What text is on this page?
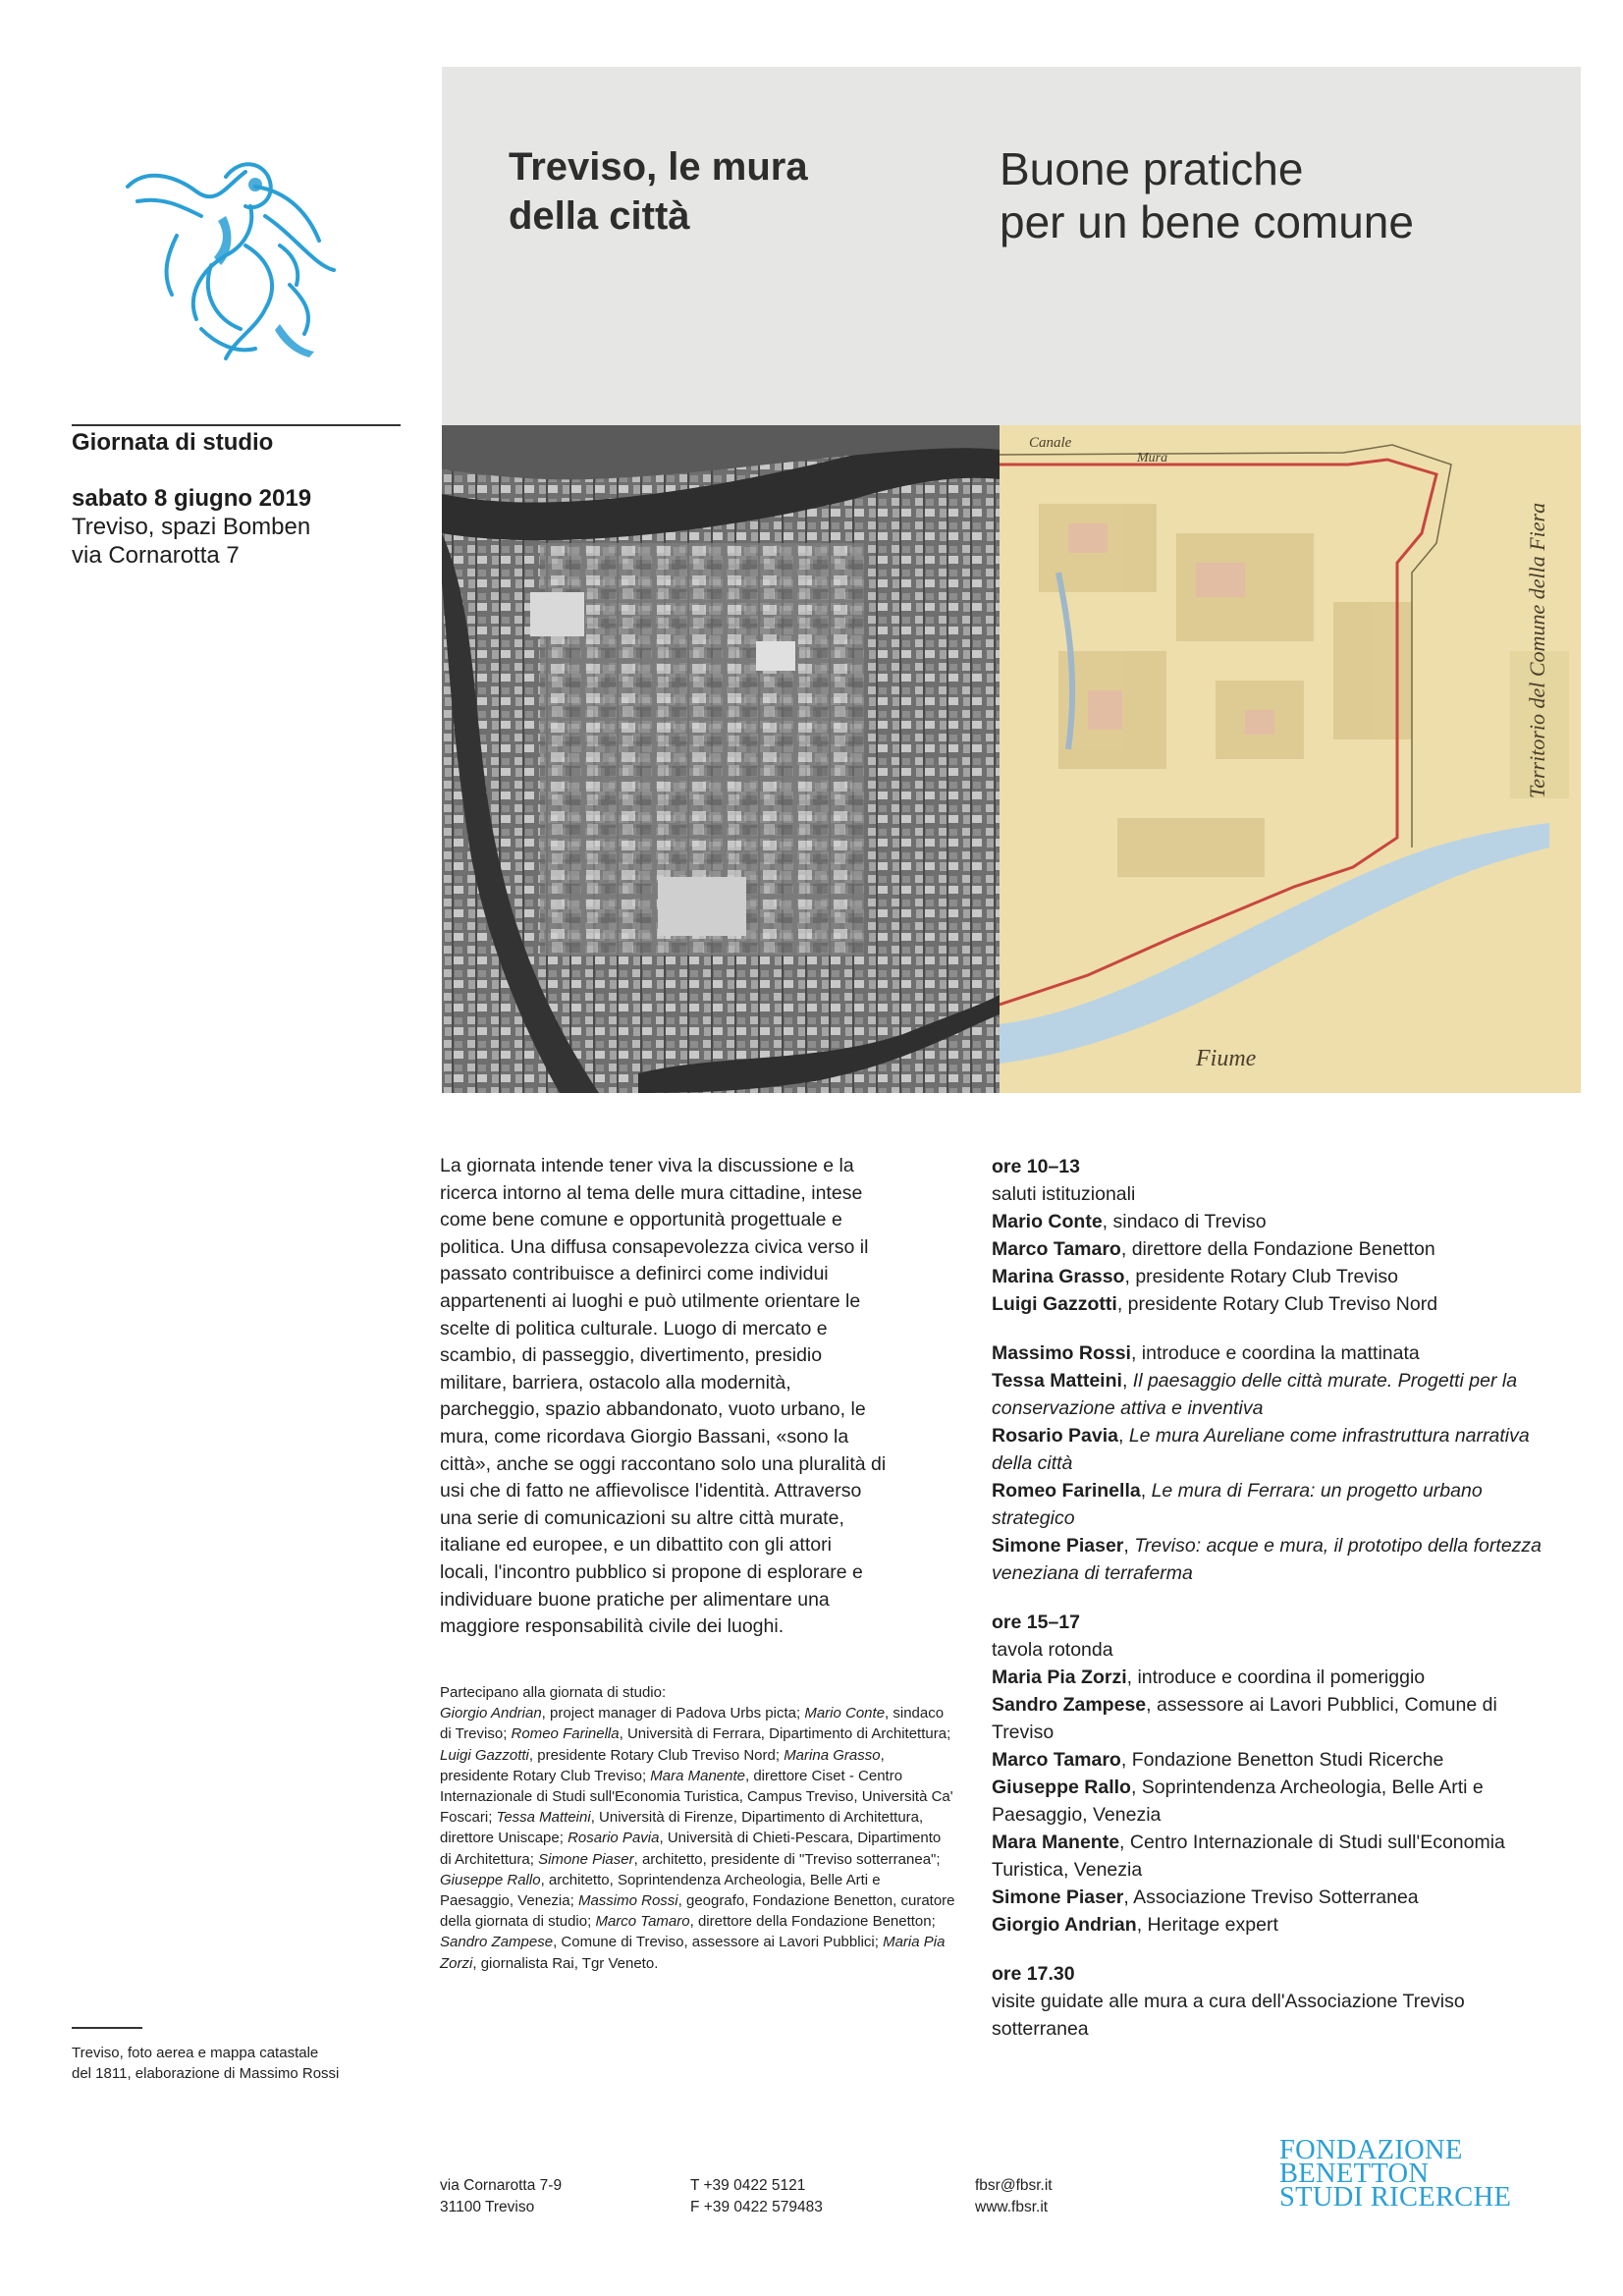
Treviso, le mura
della città
Buone pratiche
per un bene comune
Giornata di studio
sabato 8 giugno 2019
Treviso, spazi Bomben
via Cornarotta 7
Canale
Mura
Fiume
Territorio del Comune della Fiera
La giornata intende tener viva la discussione e la
ricerca intorno al tema delle mura cittadine, intese
come bene comune e opportunità progettuale e
politica. Una diffusa consapevolezza civica verso il
passato contribuisce a definirci come individui
appartenenti ai luoghi e può utilmente orientare le
scelte di politica culturale. Luogo di mercato e
scambio, di passeggio, divertimento, presidio
militare, barriera, ostacolo alla modernità,
parcheggio, spazio abbandonato, vuoto urbano, le
mura, come ricordava Giorgio Bassani, «sono la
città», anche se oggi raccontano solo una pluralità di
usi che di fatto ne affievolisce l'identità. Attraverso
una serie di comunicazioni su altre città murate,
italiane ed europee, e un dibattito con gli attori
locali, l'incontro pubblico si propone di esplorare e
individuare buone pratiche per alimentare una
maggiore responsabilità civile dei luoghi.
Partecipano alla giornata di studio:
Giorgio Andrian, project manager di Padova Urbs picta; Mario Conte, sindaco di Treviso; Romeo Farinella, Università di Ferrara, Dipartimento di Architettura; Luigi Gazzotti, presidente Rotary Club Treviso Nord; Marina Grasso, presidente Rotary Club Treviso; Mara Manente, direttore Ciset - Centro Internazionale di Studi sull'Economia Turistica, Campus Treviso, Università Ca' Foscari; Tessa Matteini, Università di Firenze, Dipartimento di Architettura, direttore Uniscape; Rosario Pavia, Università di Chieti-Pescara, Dipartimento di Architettura; Simone Piaser, architetto, presidente di "Treviso sotterranea"; Giuseppe Rallo, architetto, Soprintendenza Archeologia, Belle Arti e Paesaggio, Venezia; Massimo Rossi, geografo, Fondazione Benetton, curatore della giornata di studio; Marco Tamaro, direttore della Fondazione Benetton; Sandro Zampese, Comune di Treviso, assessore ai Lavori Pubblici; Maria Pia Zorzi, giornalista Rai, Tgr Veneto.
ore 10–13
saluti istituzionali
Mario Conte, sindaco di Treviso
Marco Tamaro, direttore della Fondazione Benetton
Marina Grasso, presidente Rotary Club Treviso
Luigi Gazzotti, presidente Rotary Club Treviso Nord
Massimo Rossi, introduce e coordina la mattinata
Tessa Matteini, Il paesaggio delle città murate. Progetti per la conservazione attiva e inventiva
Rosario Pavia, Le mura Aureliane come infrastruttura narrativa della città
Romeo Farinella, Le mura di Ferrara: un progetto urbano strategico
Simone Piaser, Treviso: acque e mura, il prototipo della fortezza veneziana di terraferma
ore 15–17
tavola rotonda
Maria Pia Zorzi, introduce e coordina il pomeriggio
Sandro Zampese, assessore ai Lavori Pubblici, Comune di Treviso
Marco Tamaro, Fondazione Benetton Studi Ricerche
Giuseppe Rallo, Soprintendenza Archeologia, Belle Arti e Paesaggio, Venezia
Mara Manente, Centro Internazionale di Studi sull'Economia Turistica, Venezia
Simone Piaser, Associazione Treviso Sotterranea
Giorgio Andrian, Heritage expert
ore 17.30
visite guidate alle mura a cura dell'Associazione Treviso sotterranea
Treviso, foto aerea e mappa catastale
del 1811, elaborazione di Massimo Rossi
via Cornarotta 7-9
31100 Treviso
T +39 0422 5121
F +39 0422 579483
fbsr@fbsr.it
www.fbsr.it
FONDAZIONE
BENETTON
STUDI RICERCHE
